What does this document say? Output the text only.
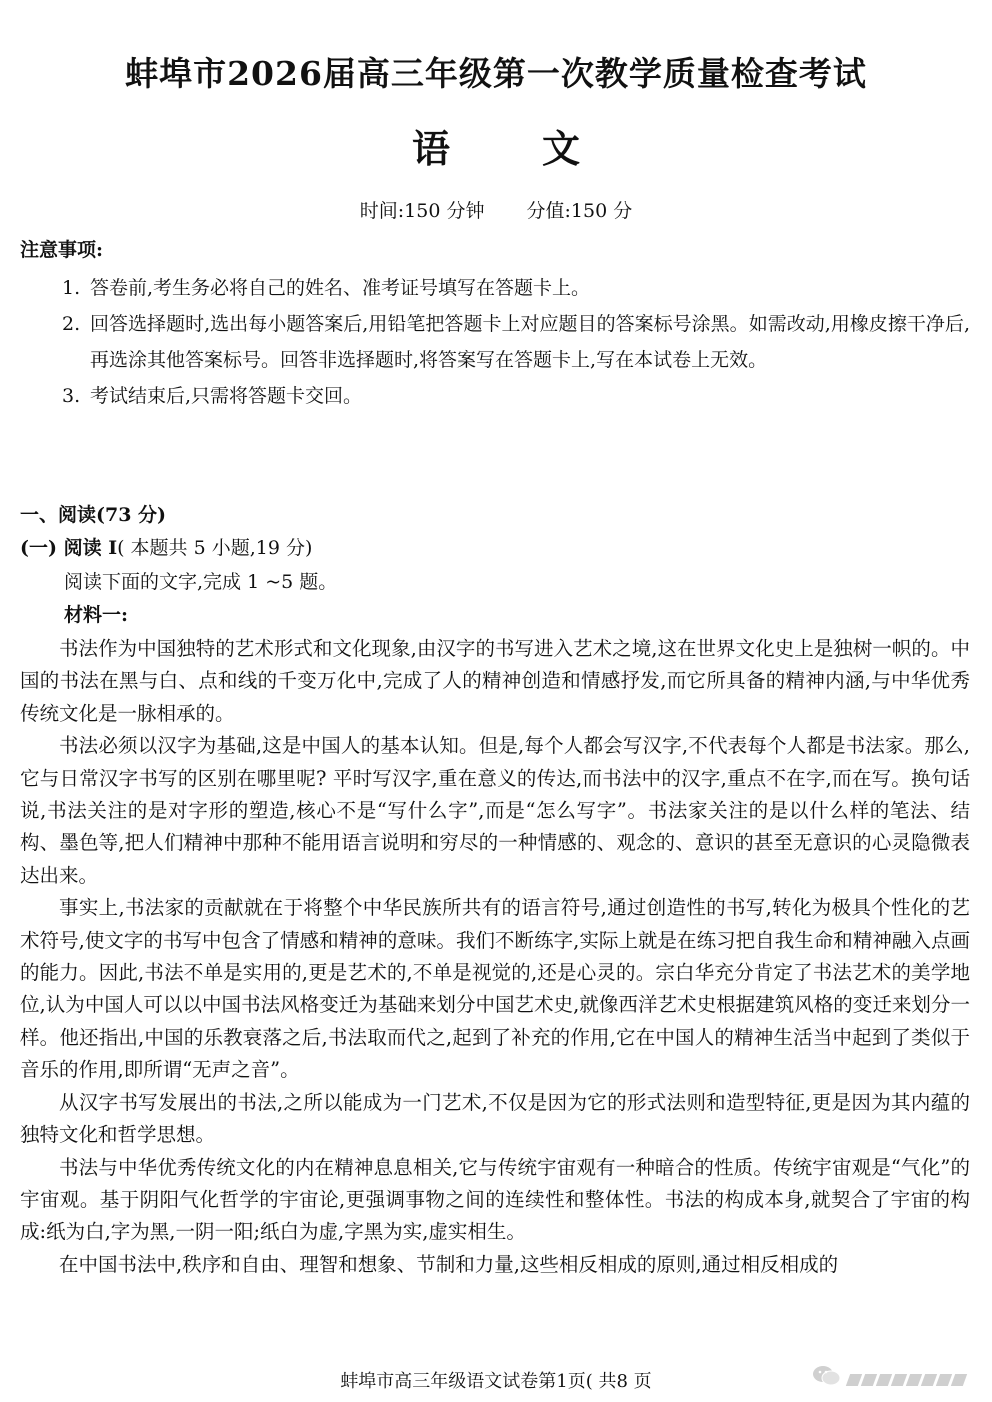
蚌埠市2026届高三年级第一次教学质量检查考试
语 文
时间:150 分钟 分值:150 分
注意事项:
1. 答卷前,考生务必将自己的姓名、准考证号填写在答题卡上。
2. 回答选择题时,选出每小题答案后,用铅笔把答题卡上对应题目的答案标号涂黑。如需改动,用橡皮擦干净后,再选涂其他答案标号。回答非选择题时,将答案写在答题卡上,写在本试卷上无效。
3. 考试结束后,只需将答题卡交回。
一、阅读(73 分)
(一) 阅读 I( 本题共 5 小题,19 分)
阅读下面的文字,完成 1 ~5 题。
材料一:

书法作为中国独特的艺术形式和文化现象,由汉字的书写进入艺术之境,这在世界文化史上是独树一帜的。中国的书法在黑与白、点和线的千变万化中,完成了人的精神创造和情感抒发,而它所具备的精神内涵,与中华优秀传统文化是一脉相承的。

书法必须以汉字为基础,这是中国人的基本认知。但是,每个人都会写汉字,不代表每个人都是书法家。那么,它与日常汉字书写的区别在哪里呢? 平时写汉字,重在意义的传达,而书法中的汉字,重点不在字,而在写。换句话说,书法关注的是对字形的塑造,核心不是“写什么字”,而是“怎么写字”。书法家关注的是以什么样的笔法、结构、墨色等,把人们精神中那种不能用语言说明和穷尽的一种情感的、观念的、意识的甚至无意识的心灵隐微表达出来。

事实上,书法家的贡献就在于将整个中华民族所共有的语言符号,通过创造性的书写,转化为极具个性化的艺术符号,使文字的书写中包含了情感和精神的意味。我们不断练字,实际上就是在练习把自我生命和精神融入点画的能力。因此,书法不单是实用的,更是艺术的,不单是视觉的,还是心灵的。宗白华充分肯定了书法艺术的美学地位,认为中国人可以以中国书法风格变迁为基础来划分中国艺术史,就像西洋艺术史根据建筑风格的变迁来划分一样。他还指出,中国的乐教衰落之后,书法取而代之,起到了补充的作用,它在中国人的精神生活当中起到了类似于音乐的作用,即所谓“无声之音”。

从汉字书写发展出的书法,之所以能成为一门艺术,不仅是因为它的形式法则和造型特征,更是因为其内蕴的独特文化和哲学思想。

书法与中华优秀传统文化的内在精神息息相关,它与传统宇宙观有一种暗合的性质。传统宇宙观是“气化”的宇宙观。基于阴阳气化哲学的宇宙论,更强调事物之间的连续性和整体性。书法的构成本身,就契合了宇宙的构成:纸为白,字为黑,一阴一阳;纸白为虚,字黑为实,虚实相生。

在中国书法中,秩序和自由、理智和想象、节制和力量,这些相反相成的原则,通过相反相成的

蚌埠市高三年级语文试卷第1页( 共8 页
